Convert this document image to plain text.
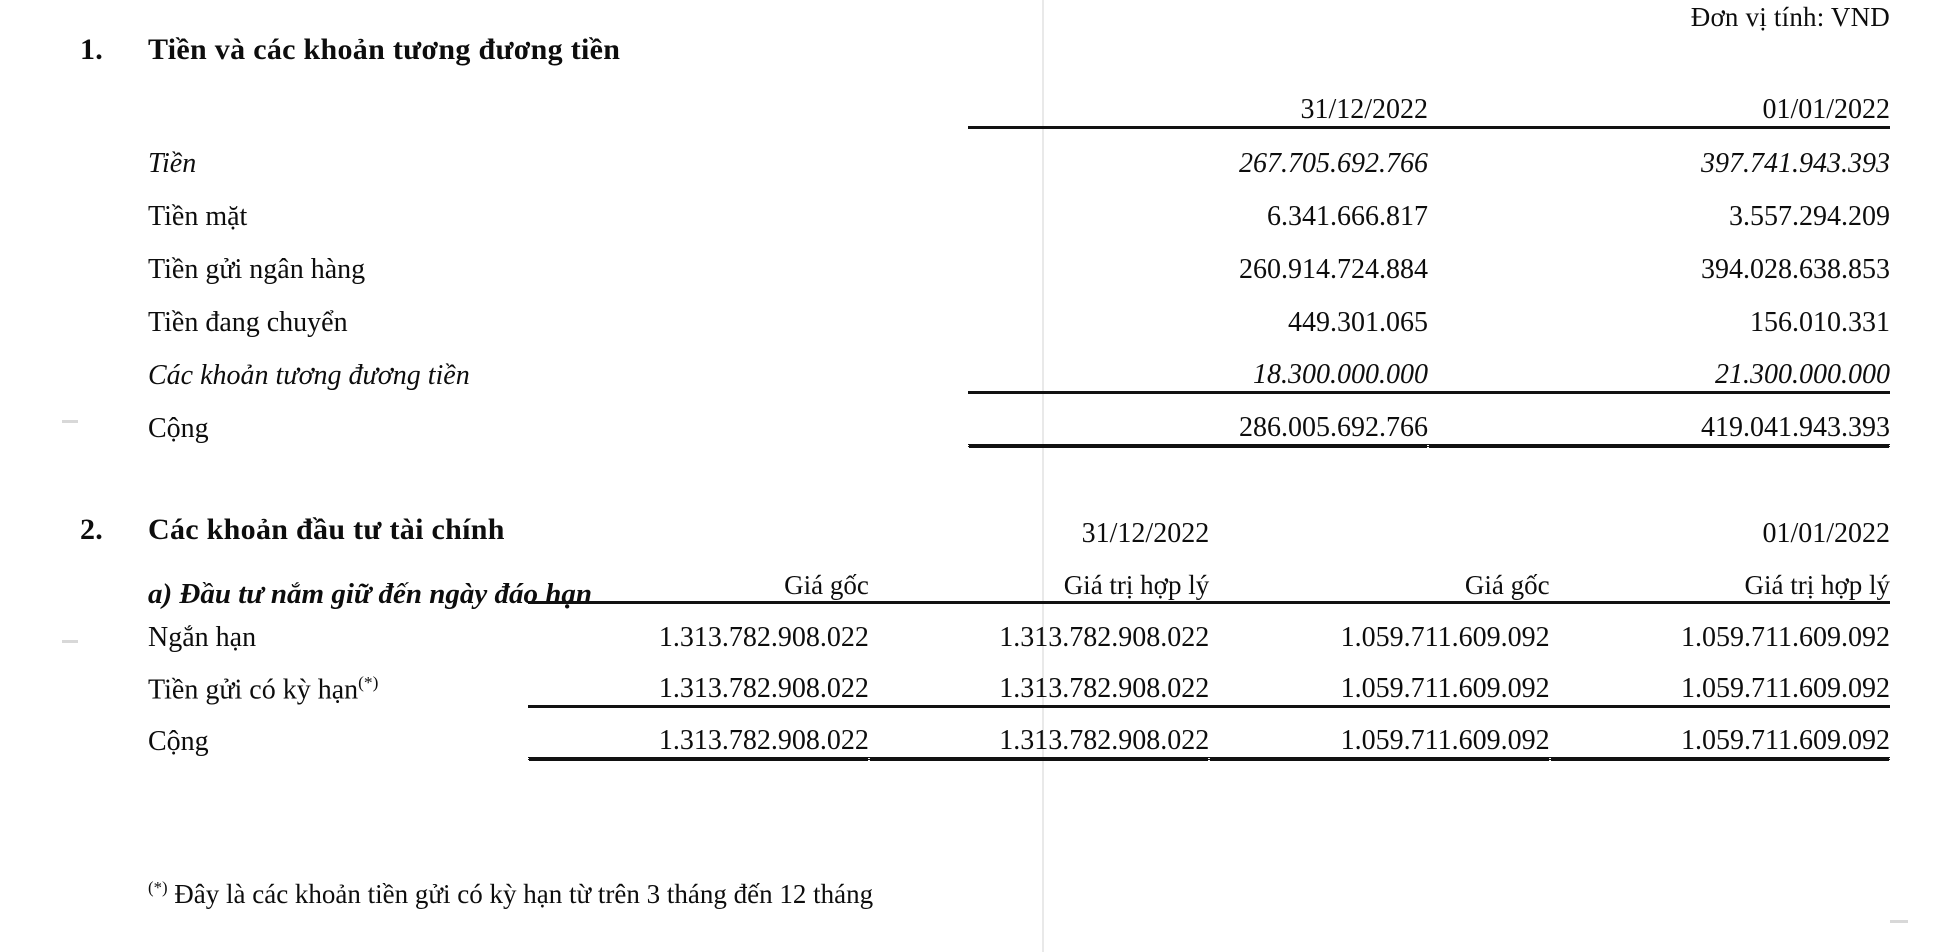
Đơn vị tính: VND
1.	Tiền và các khoản tương đương tiền
	31/12/2022	01/01/2022
Tiền	267.705.692.766	397.741.943.393
Tiền mặt	6.341.666.817	3.557.294.209
Tiền gửi ngân hàng	260.914.724.884	394.028.638.853
Tiền đang chuyển	449.301.065	156.010.331
Các khoản tương đương tiền	18.300.000.000	21.300.000.000
Cộng	286.005.692.766	419.041.943.393
2.	Các khoản đầu tư tài chính
a) Đầu tư nắm giữ đến ngày đáo hạn
		31/12/2022		01/01/2022
	Giá gốc	Giá trị hợp lý	Giá gốc	Giá trị hợp lý
Ngắn hạn	1.313.782.908.022	1.313.782.908.022	1.059.711.609.092	1.059.711.609.092
Tiền gửi có kỳ hạn(*)	1.313.782.908.022	1.313.782.908.022	1.059.711.609.092	1.059.711.609.092
Cộng	1.313.782.908.022	1.313.782.908.022	1.059.711.609.092	1.059.711.609.092
(*) Đây là các khoản tiền gửi có kỳ hạn từ trên 3 tháng đến 12 tháng
